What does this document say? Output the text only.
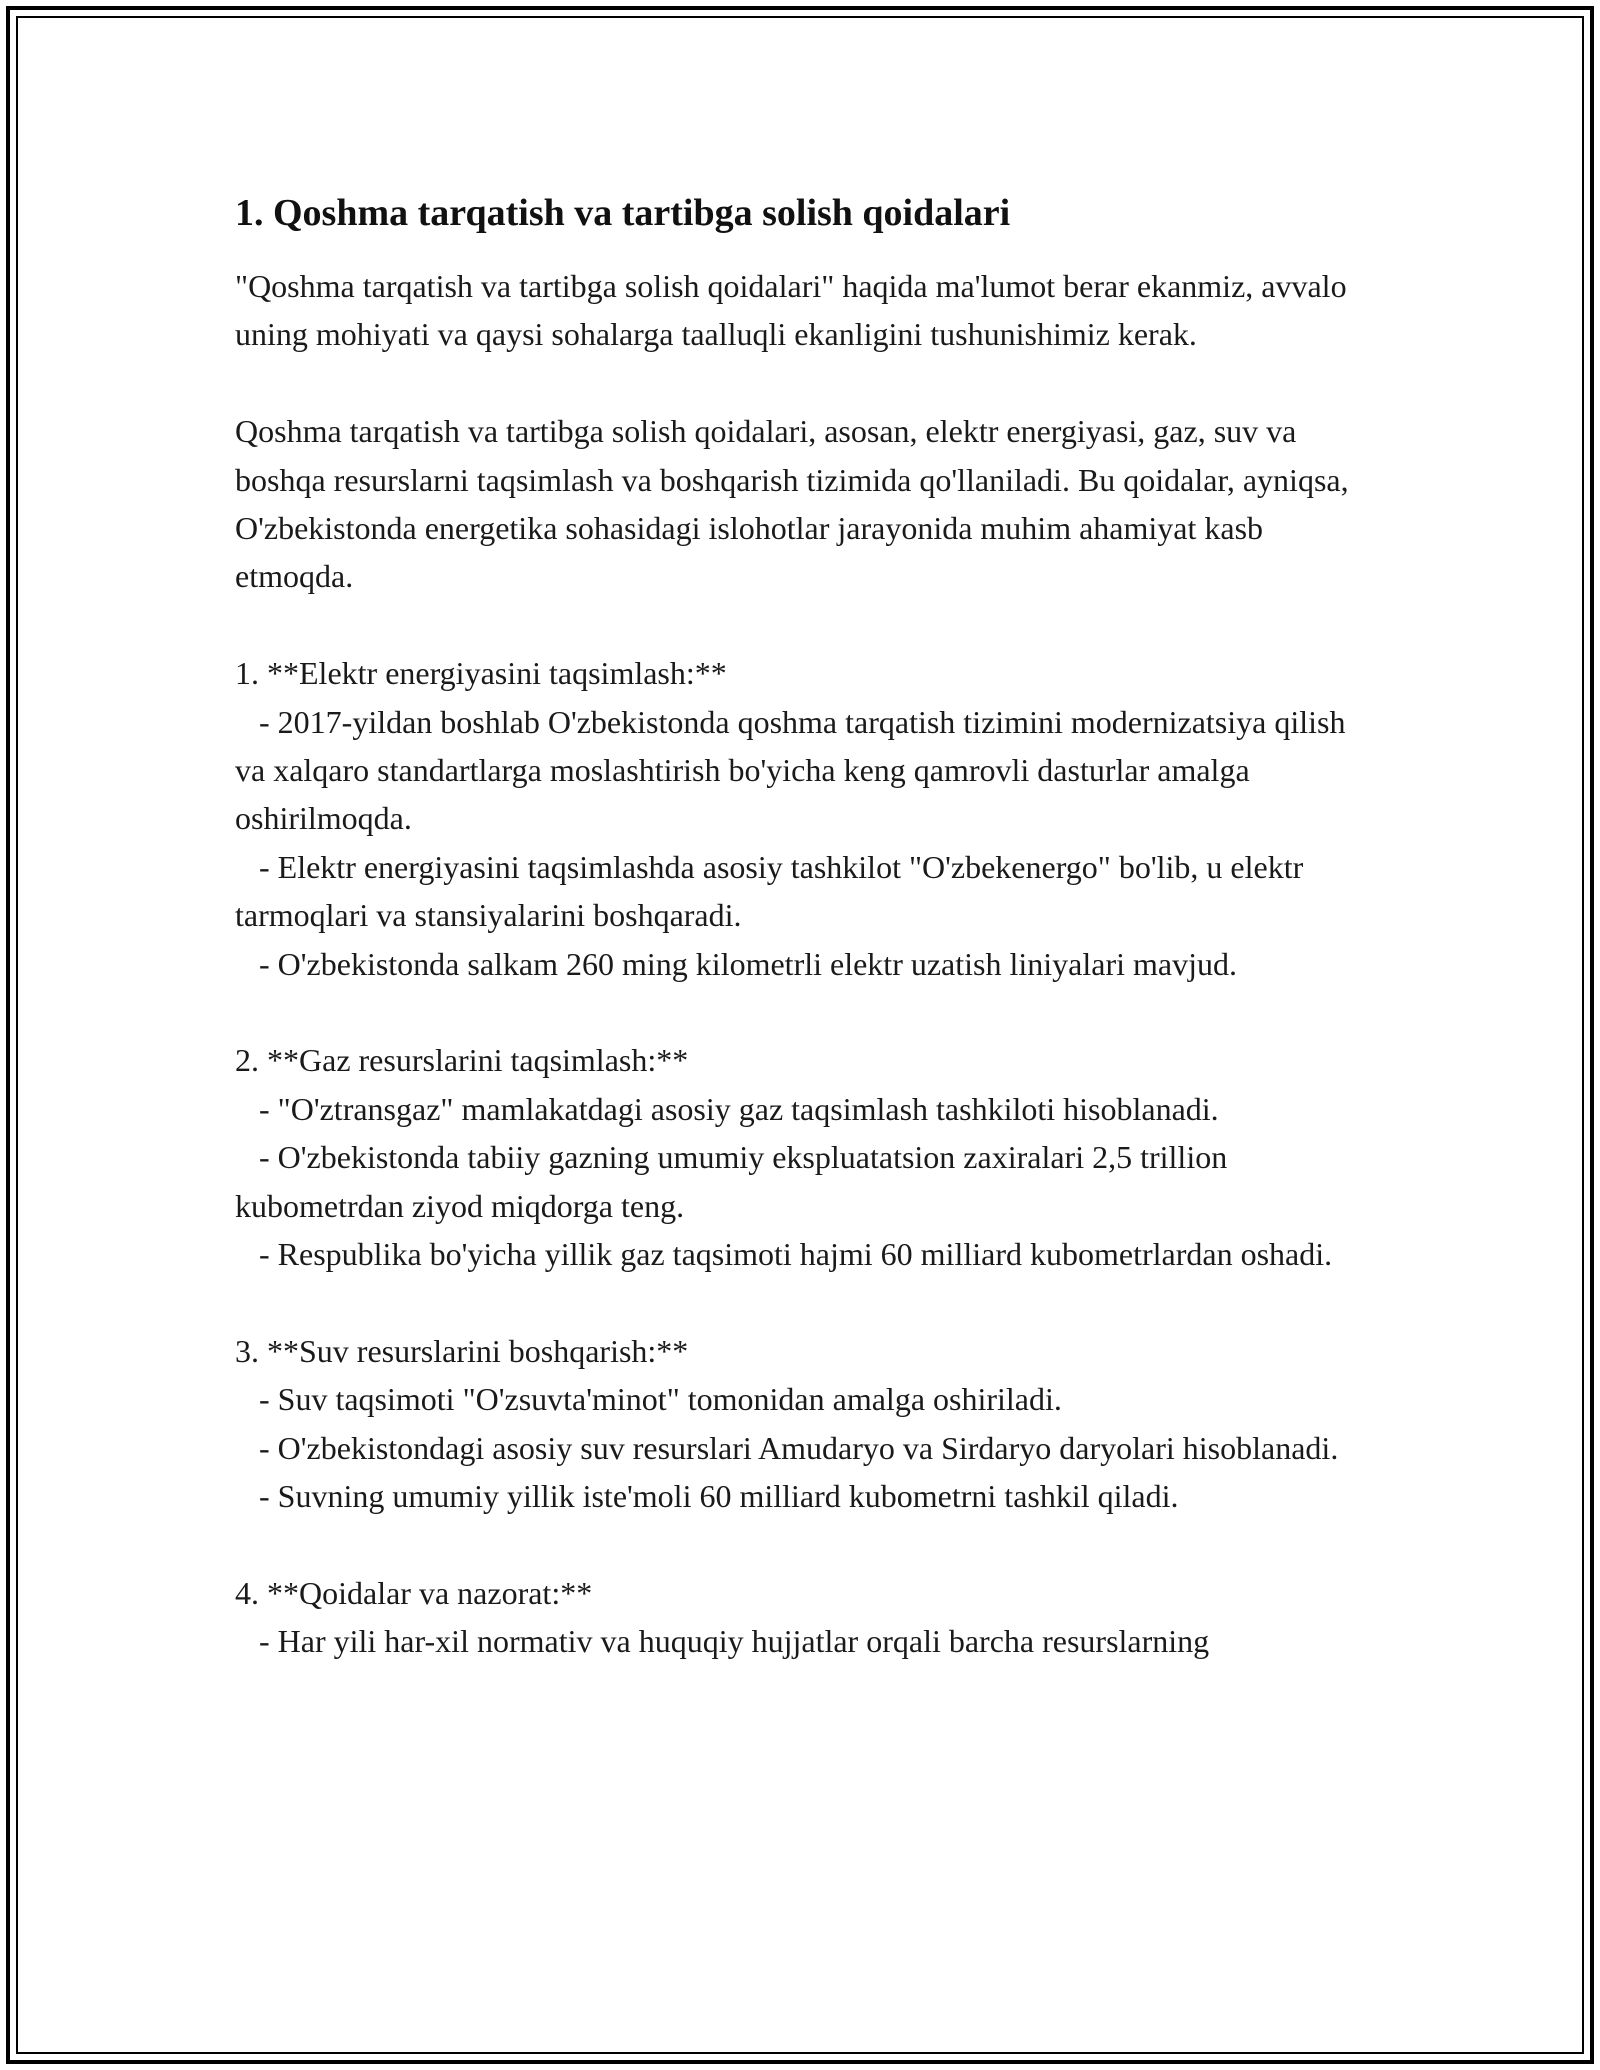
1. Qoshma tarqatish va tartibga solish qoidalari

"Qoshma tarqatish va tartibga solish qoidalari" haqida ma'lumot berar ekanmiz, avvalo uning mohiyati va qaysi sohalarga taalluqli ekanligini tushunishimiz kerak.

Qoshma tarqatish va tartibga solish qoidalari, asosan, elektr energiyasi, gaz, suv va boshqa resurslarni taqsimlash va boshqarish tizimida qo'llaniladi. Bu qoidalar, ayniqsa, O'zbekistonda energetika sohasidagi islohotlar jarayonida muhim ahamiyat kasb etmoqda.

1. **Elektr energiyasini taqsimlash:**

- 2017-yildan boshlab O'zbekistonda qoshma tarqatish tizimini modernizatsiya qilish va xalqaro standartlarga moslashtirish bo'yicha keng qamrovli dasturlar amalga oshirilmoqda.

- Elektr energiyasini taqsimlashda asosiy tashkilot "O'zbekenergo" bo'lib, u elektr tarmoqlari va stansiyalarini boshqaradi.

- O'zbekistonda salkam 260 ming kilometrli elektr uzatish liniyalari mavjud.

2. **Gaz resurslarini taqsimlash:**

- "O'ztransgaz" mamlakatdagi asosiy gaz taqsimlash tashkiloti hisoblanadi.

- O'zbekistonda tabiiy gazning umumiy ekspluatatsion zaxiralari 2,5 trillion kubometrdan ziyod miqdorga teng.

- Respublika bo'yicha yillik gaz taqsimoti hajmi 60 milliard kubometrlardan oshadi.

3. **Suv resurslarini boshqarish:**

- Suv taqsimoti "O'zsuvta'minot" tomonidan amalga oshiriladi.

- O'zbekistondagi asosiy suv resurslari Amudaryo va Sirdaryo daryolari hisoblanadi.

- Suvning umumiy yillik iste'moli 60 milliard kubometrni tashkil qiladi.

4. **Qoidalar va nazorat:**

- Har yili har-xil normativ va huquqiy hujjatlar orqali barcha resurslarning
